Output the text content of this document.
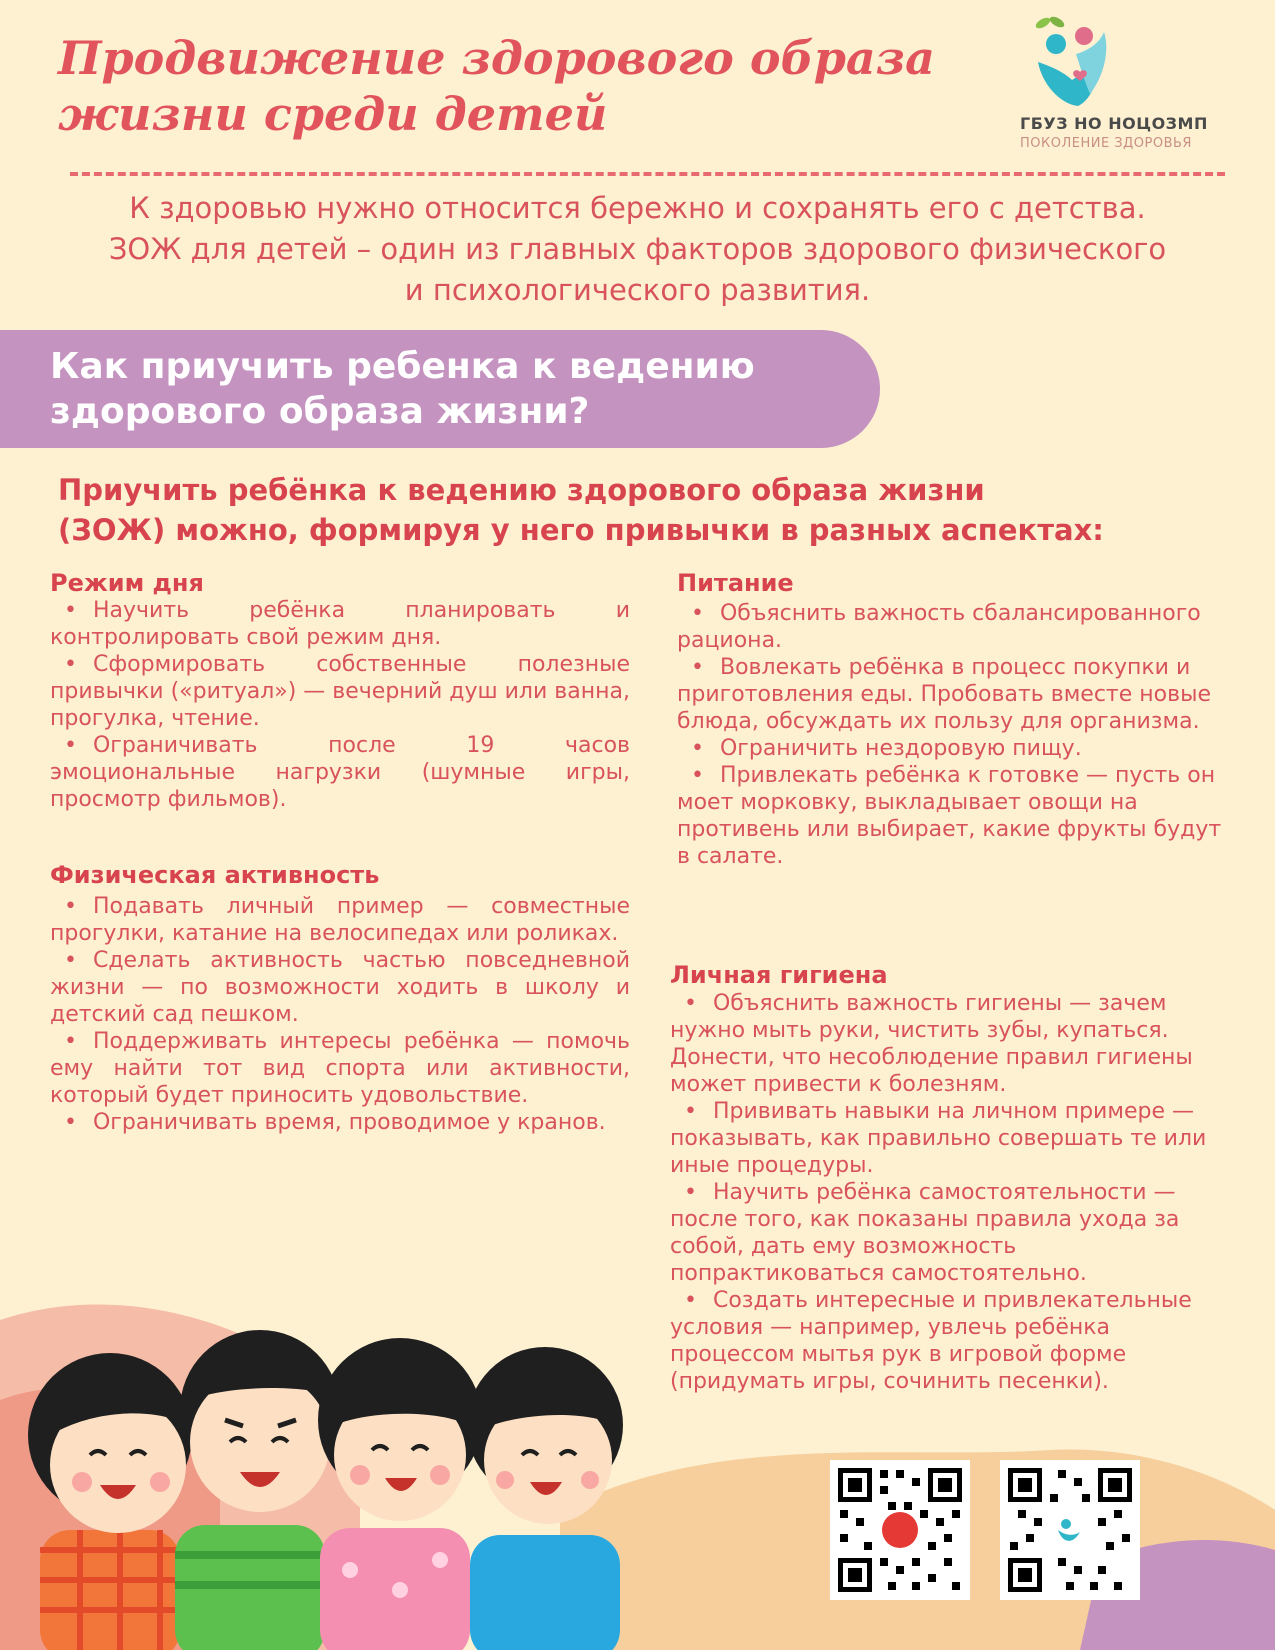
Продвижение здорового образа
жизни среди детей	ГБУЗ НО НОЦОЗМП
ПОКОЛЕНИЕ ЗДОРОВЬЯ
К здоровью нужно относится бережно и сохранять его с детства.
ЗОЖ для детей – один из главных факторов здорового физического
и психологического развития.
Как приучить ребенка к ведению
здорового образа жизни?

Приучить ребёнка к ведению здорового образа жизни
(ЗОЖ) можно, формируя у него привычки в разных аспектах:

Режим дня

• Научить ребёнка планировать и контролировать свой режим дня.

• Сформировать собственные полезные привычки («ритуал») — вечерний душ или ванна, прогулка, чтение.

• Ограничивать после 19 часов эмоциональные нагрузки (шумные игры, просмотр фильмов).

Физическая активность

• Подавать личный пример — совместные прогулки, катание на велосипедах или роликах.

• Сделать активность частью повседневной жизни — по возможности ходить в школу и детский сад пешком.

• Поддерживать интересы ребёнка — помочь ему найти тот вид спорта или активности, который будет приносить удовольствие.

• Ограничивать время, проводимое у кранов.

Питание

• Объяснить важность сбалансированного рациона.

• Вовлекать ребёнка в процесс покупки и приготовления еды. Пробовать вместе новые блюда, обсуждать их пользу для организма.

• Ограничить нездоровую пищу.

• Привлекать ребёнка к готовке — пусть он моет морковку, выкладывает овощи на противень или выбирает, какие фрукты будут в салате.

Личная гигиена

• Объяснить важность гигиены — зачем нужно мыть руки, чистить зубы, купаться. Донести, что несоблюдение правил гигиены может привести к болезням.

• Прививать навыки на личном примере — показывать, как правильно совершать те или иные процедуры.

• Научить ребёнка самостоятельности — после того, как показаны правила ухода за собой, дать ему возможность попрактиковаться самостоятельно.

• Создать интересные и привлекательные условия — например, увлечь ребёнка процессом мытья рук в игровой форме (придумать игры, сочинить песенки).
